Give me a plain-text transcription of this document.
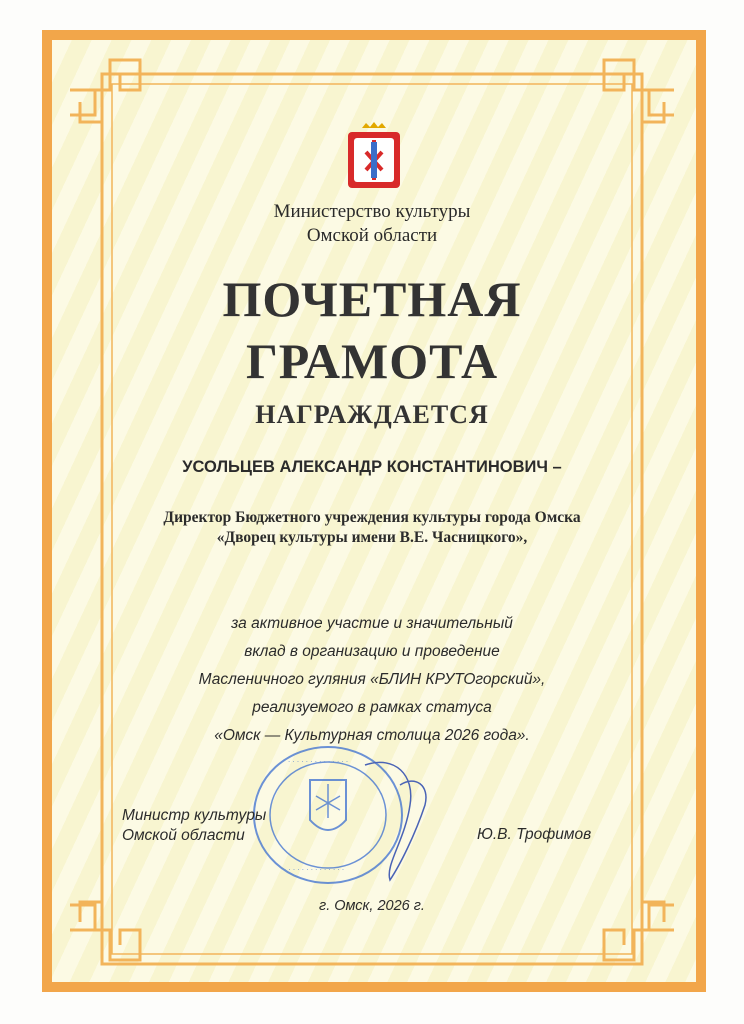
Министерство культуры
Омской области
ПОЧЕТНАЯ
ГРАМОТА
НАГРАЖДАЕТСЯ
УСОЛЬЦЕВ АЛЕКСАНДР КОНСТАНТИНОВИЧ –
Директор Бюджетного учреждения культуры города Омска
«Дворец культуры имени В.Е. Часницкого»,
за активное участие и значительный
вклад в организацию и проведение
Масленичного гуляния «БЛИН КРУТОгорский»,
реализуемого в рамках статуса
«Омск — Культурная столица 2026 года».
· · · · · · · · · · · · · ·
· · · · · · · · · · · · · ·
Министр культуры
Омской области	Ю.В. Трофимов
г. Омск, 2026 г.
